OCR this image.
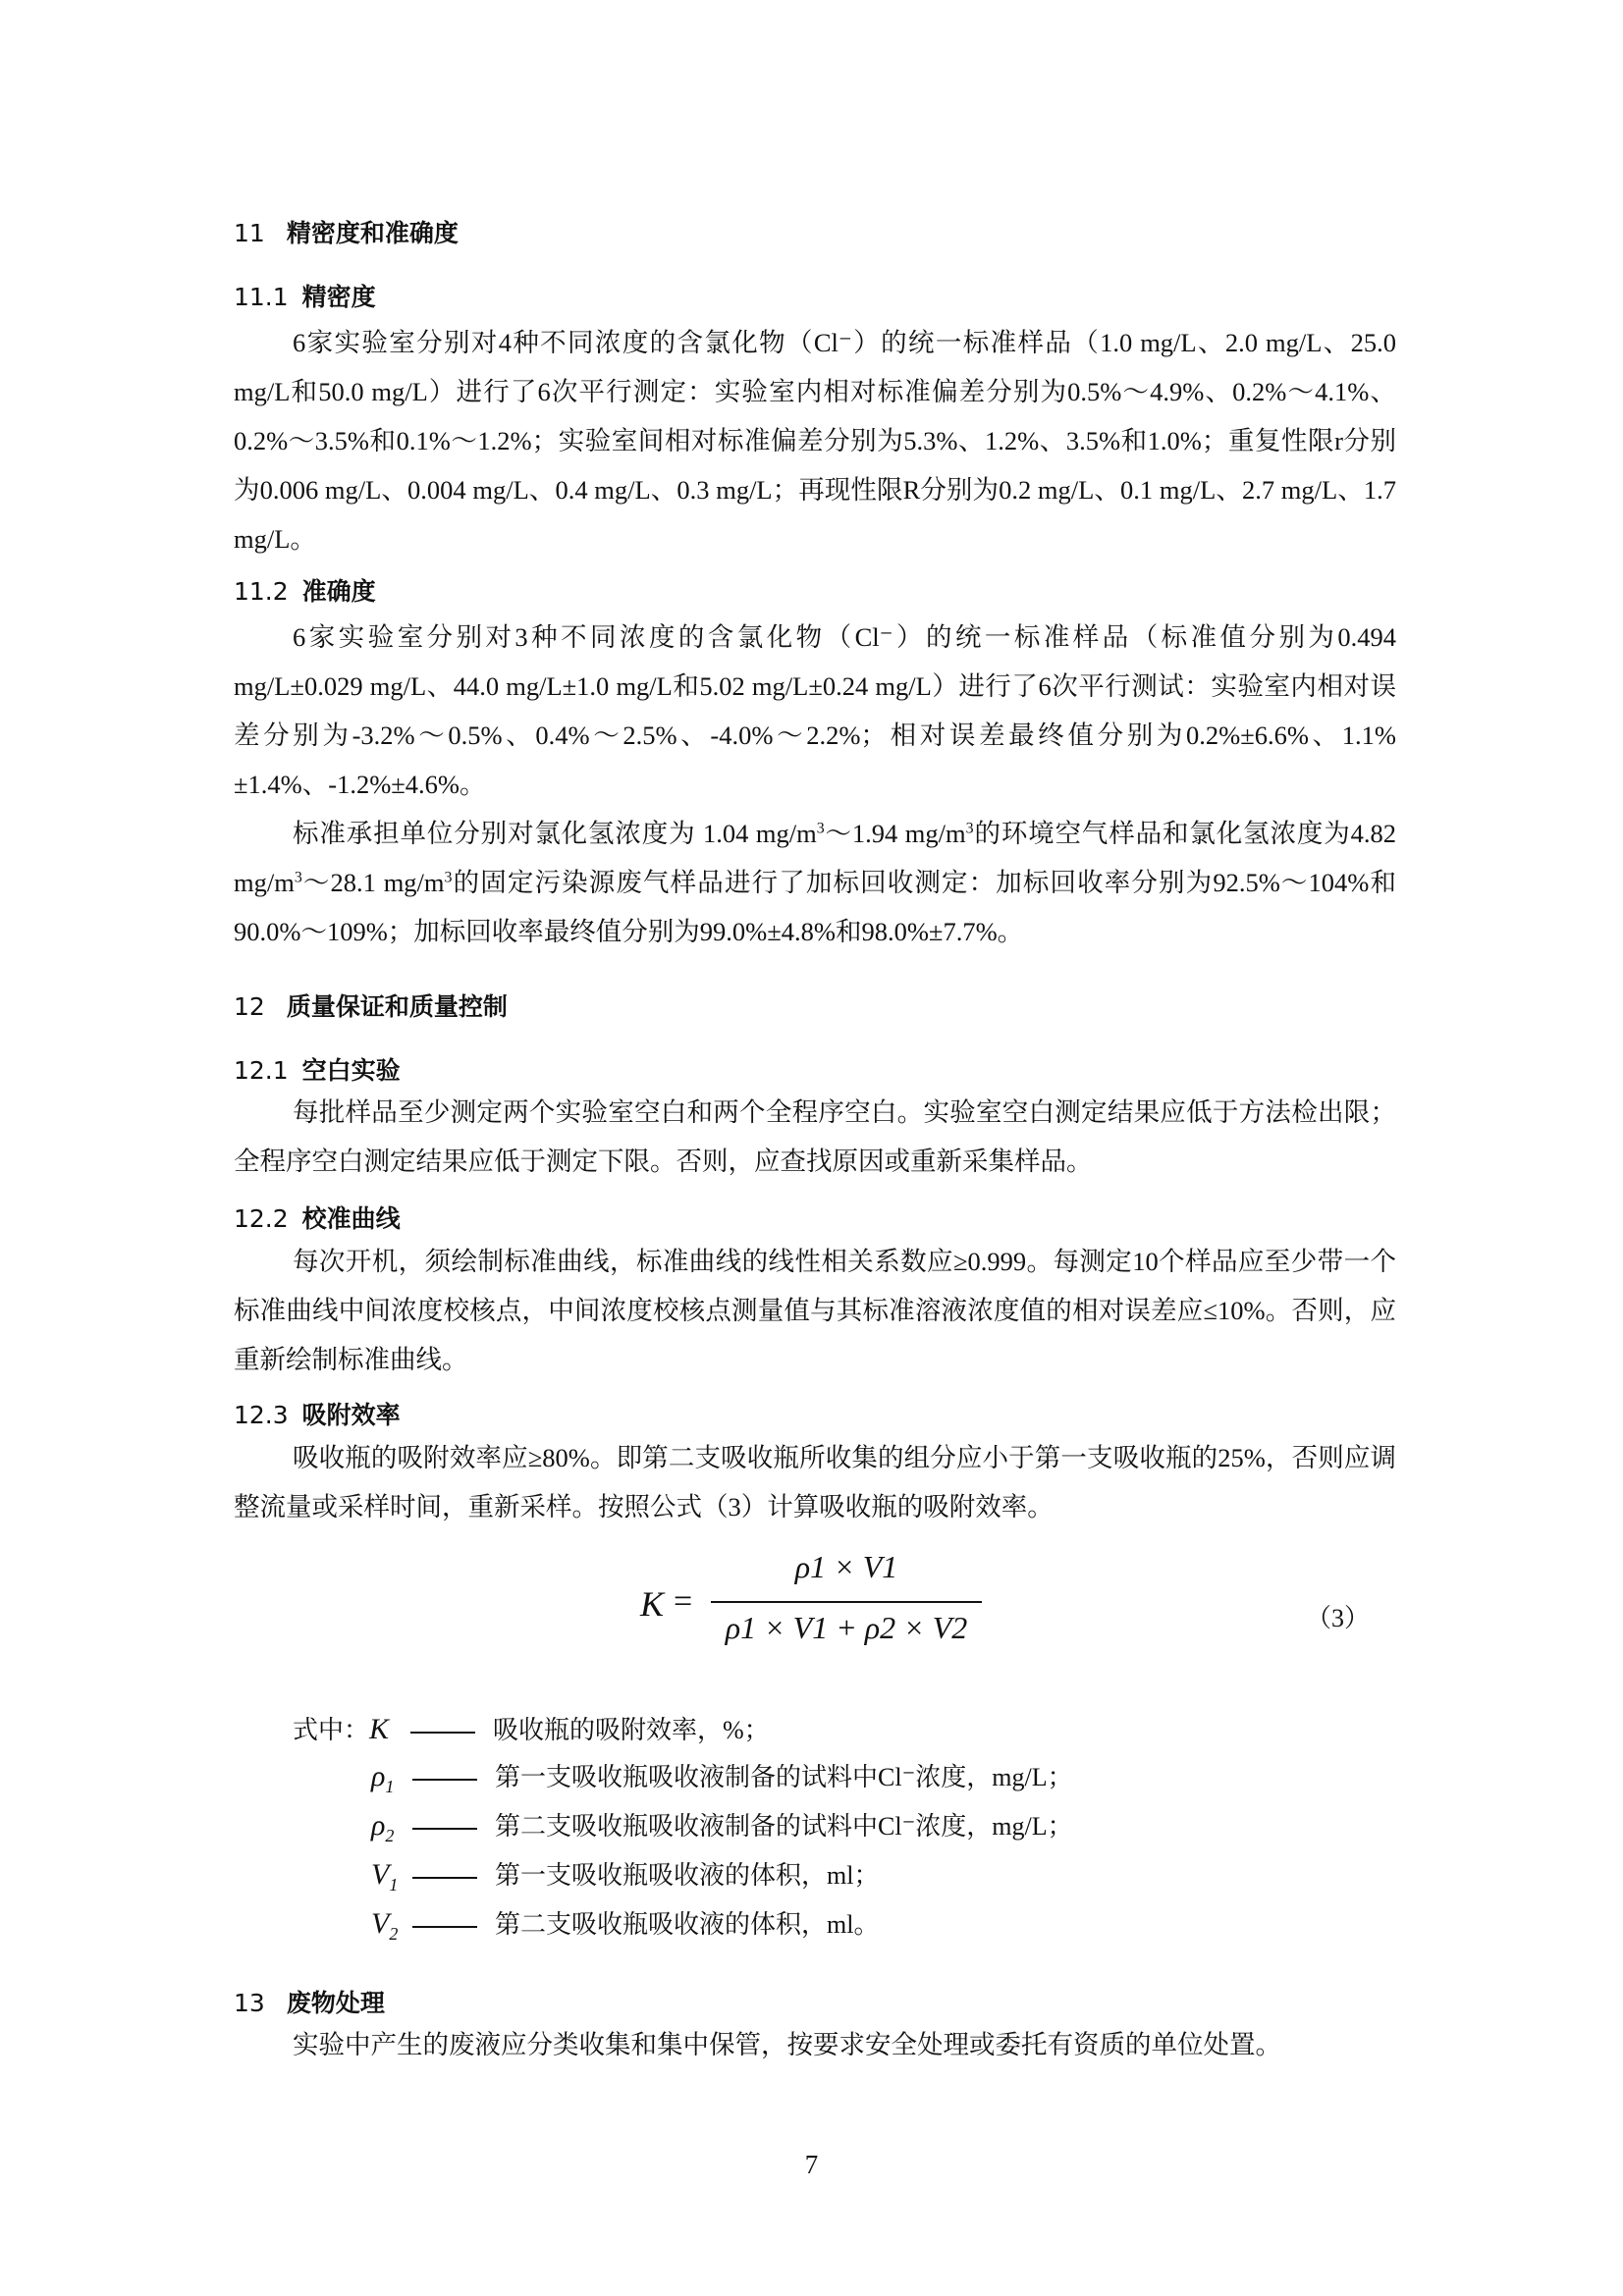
11 精密度和准确度
11.1 精密度
6家实验室分别对4种不同浓度的含氯化物（Cl⁻）的统一标准样品（1.0 mg/L、2.0 mg/L、25.0 mg/L和50.0 mg/L）进行了6次平行测定：实验室内相对标准偏差分别为0.5%～4.9%、0.2%～4.1%、0.2%～3.5%和0.1%～1.2%；实验室间相对标准偏差分别为5.3%、1.2%、3.5%和1.0%；重复性限r分别为0.006 mg/L、0.004 mg/L、0.4 mg/L、0.3 mg/L；再现性限R分别为0.2 mg/L、0.1 mg/L、2.7 mg/L、1.7 mg/L。
11.2 准确度
6家实验室分别对3种不同浓度的含氯化物（Cl⁻）的统一标准样品（标准值分别为0.494 mg/L±0.029 mg/L、44.0 mg/L±1.0 mg/L和5.02 mg/L±0.24 mg/L）进行了6次平行测试：实验室内相对误差分别为-3.2%～0.5%、0.4%～2.5%、-4.0%～2.2%；相对误差最终值分别为0.2%±6.6%、1.1%±1.4%、-1.2%±4.6%。
标准承担单位分别对氯化氢浓度为 1.04 $mg/m^3\sim 1.94$ $mg/m^3$的环境空气样品和氯化氢浓度为4.82 $mg/m^3\sim 28.1$ $mg/m^3$的固定污染源废气样品进行了加标回收测定：加标回收率分别为92.5%～104%和90.0%～109%；加标回收率最终值分别为99.0%±4.8%和98.0%±7.7%。
12 质量保证和质量控制
12.1 空白实验
每批样品至少测定两个实验室空白和两个全程序空白。实验室空白测定结果应低于方法检出限；全程序空白测定结果应低于测定下限。否则，应查找原因或重新采集样品。
12.2 校准曲线
每次开机，须绘制标准曲线，标准曲线的线性相关系数应≥0.999。每测定10个样品应至少带一个标准曲线中间浓度校核点，中间浓度校核点测量值与其标准溶液浓度值的相对误差应≤10%。否则，应重新绘制标准曲线。
12.3 吸附效率
吸收瓶的吸附效率应≥80%。即第二支吸收瓶所收集的组分应小于第一支吸收瓶的25%，否则应调整流量或采样时间，重新采样。按照公式（3）计算吸收瓶的吸附效率。
K =
ρ1 × V1
ρ1 × V1 + ρ2 × V2	（3）
式中：K	吸收瓶的吸附效率，%；
$\rho_1$	第一支吸收瓶吸收液制备的试料中Cl⁻浓度，mg/L；
$\rho_2$	第二支吸收瓶吸收液制备的试料中Cl⁻浓度，mg/L；
$V_1$	第一支吸收瓶吸收液的体积，ml；
$V_2$	第二支吸收瓶吸收液的体积，ml。
13 废物处理
实验中产生的废液应分类收集和集中保管，按要求安全处理或委托有资质的单位处置。
7
